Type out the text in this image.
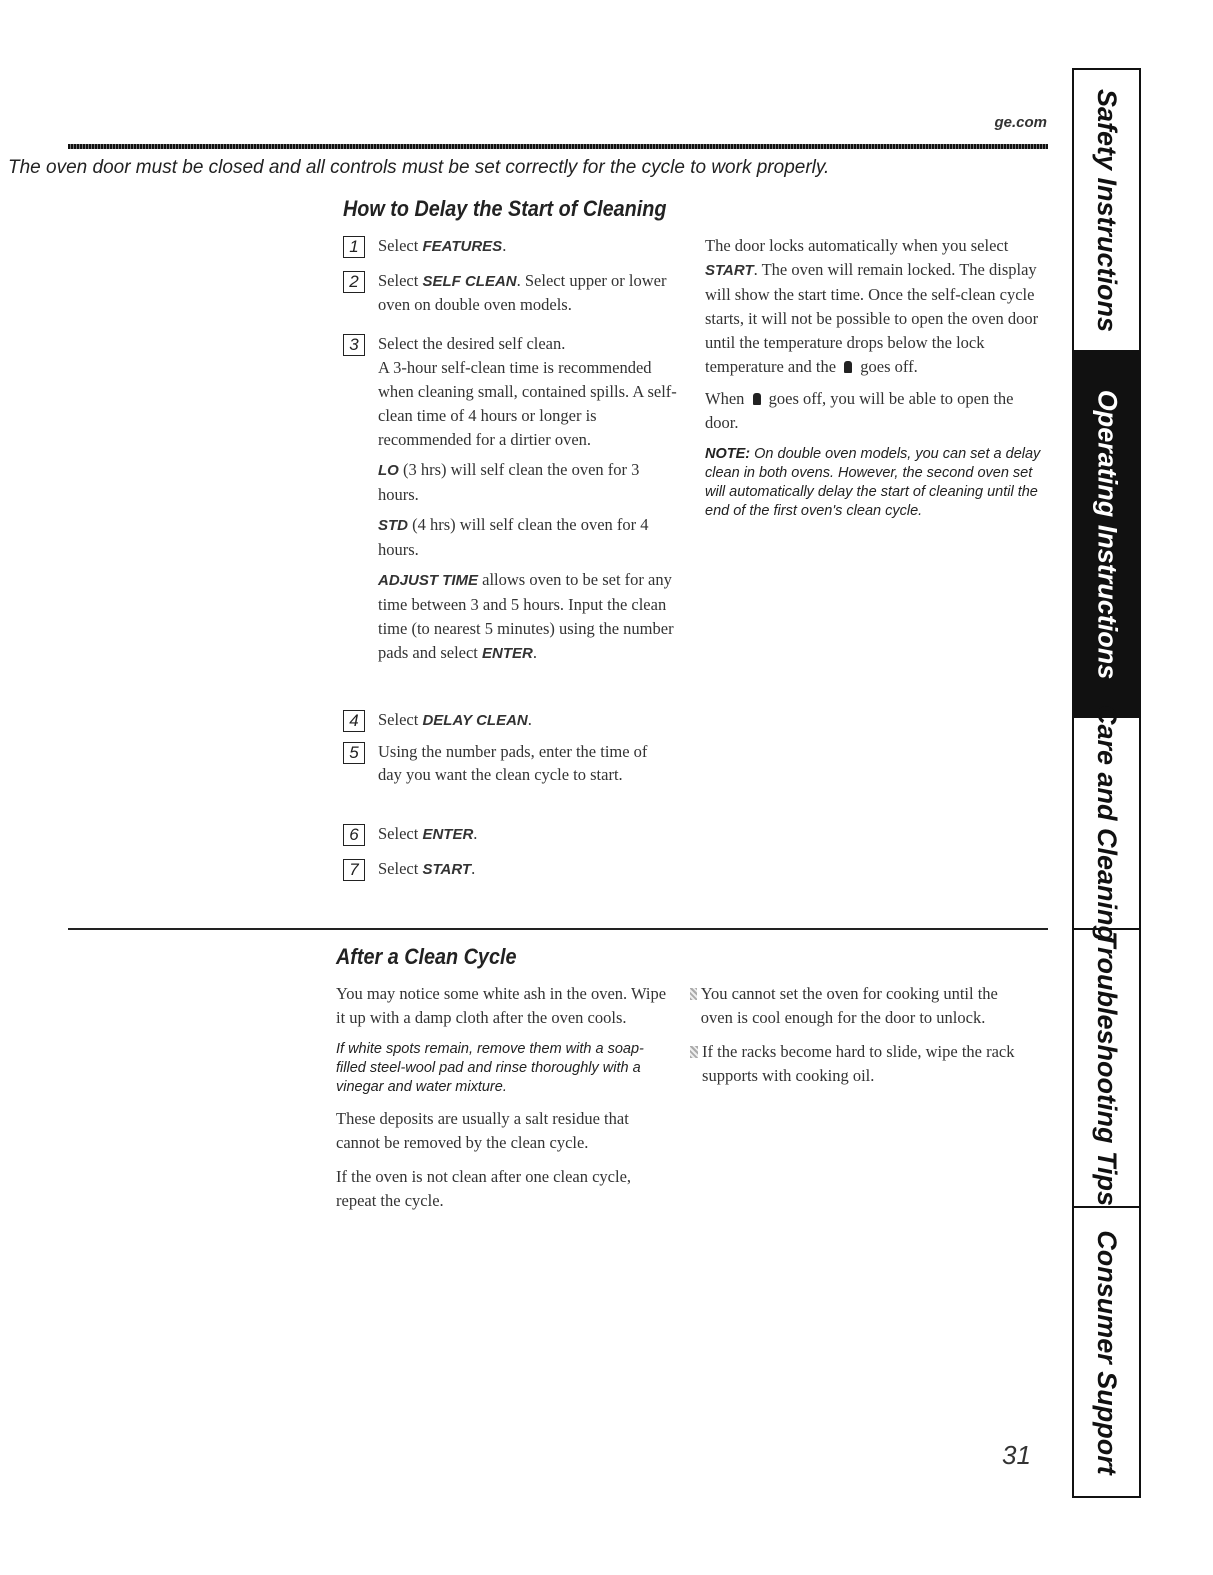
ge.com
The oven door must be closed and all controls must be set correctly for the cycle to work properly.
How to Delay the Start of Cleaning
1	Select FEATURES.
2	Select SELF CLEAN. Select upper or lower oven on double oven models.
3	Select the desired self clean.
A 3-hour self-clean time is recommended when cleaning small, contained spills. A self-clean time of 4 hours or longer is recommended for a dirtier oven.
LO (3 hrs) will self clean the oven for 3 hours.
STD (4 hrs) will self clean the oven for 4 hours.
ADJUST TIME allows oven to be set for any time between 3 and 5 hours. Input the clean time (to nearest 5 minutes) using the number pads and select ENTER.
4	Select DELAY CLEAN.
5	Using the number pads, enter the time of day you want the clean cycle to start.
6	Select ENTER.
7	Select START.
The door locks automatically when you select START. The oven will remain locked. The display will show the start time. Once the self-clean cycle starts, it will not be possible to open the oven door until the temperature drops below the lock temperature and the  goes off.
When  goes off, you will be able to open the door.
NOTE: On double oven models, you can set a delay clean in both ovens. However, the second oven set will automatically delay the start of cleaning until the end of the first oven's clean cycle.
After a Clean Cycle
You may notice some white ash in the oven. Wipe it up with a damp cloth after the oven cools.
If white spots remain, remove them with a soap-filled steel-wool pad and rinse thoroughly with a vinegar and water mixture.
These deposits are usually a salt residue that cannot be removed by the clean cycle.
If the oven is not clean after one clean cycle, repeat the cycle.
You cannot set the oven for cooking until the oven is cool enough for the door to unlock.
If the racks become hard to slide, wipe the rack supports with cooking oil.
31
Safety Instructions
Operating Instructions
Care and Cleaning
Troubleshooting Tips
Consumer Support
